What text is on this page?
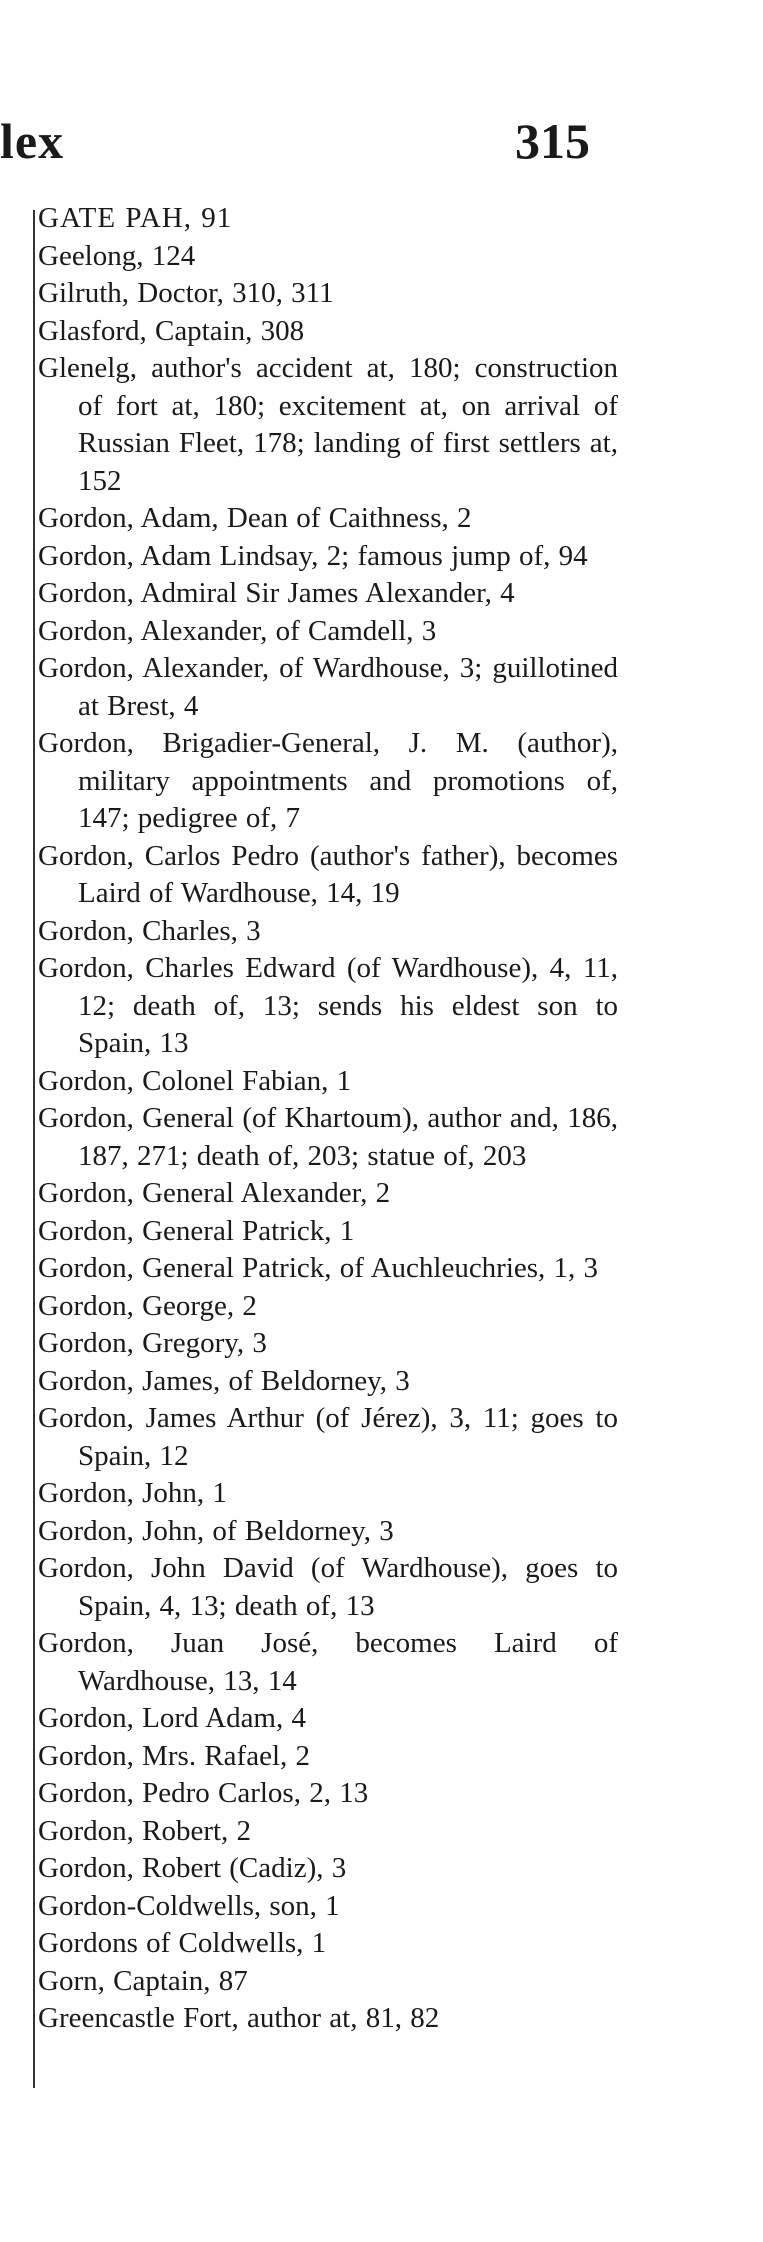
lex	315
GATE PAH, 91
Geelong, 124
Gilruth, Doctor, 310, 311
Glasford, Captain, 308
Glenelg, author's accident at, 180; construction of fort at, 180; excitement at, on arrival of Russian Fleet, 178; landing of first settlers at, 152
Gordon, Adam, Dean of Caithness, 2
Gordon, Adam Lindsay, 2; famous jump of, 94
Gordon, Admiral Sir James Alexander, 4
Gordon, Alexander, of Camdell, 3
Gordon, Alexander, of Wardhouse, 3; guillotined at Brest, 4
Gordon, Brigadier-General, J. M. (author), military appointments and promotions of, 147; pedigree of, 7
Gordon, Carlos Pedro (author's father), becomes Laird of Wardhouse, 14, 19
Gordon, Charles, 3
Gordon, Charles Edward (of Wardhouse), 4, 11, 12; death of, 13; sends his eldest son to Spain, 13
Gordon, Colonel Fabian, 1
Gordon, General (of Khartoum), author and, 186, 187, 271; death of, 203; statue of, 203
Gordon, General Alexander, 2
Gordon, General Patrick, 1
Gordon, General Patrick, of Auchleuchries, 1, 3
Gordon, George, 2
Gordon, Gregory, 3
Gordon, James, of Beldorney, 3
Gordon, James Arthur (of Jérez), 3, 11; goes to Spain, 12
Gordon, John, 1
Gordon, John, of Beldorney, 3
Gordon, John David (of Wardhouse), goes to Spain, 4, 13; death of, 13
Gordon, Juan José, becomes Laird of Wardhouse, 13, 14
Gordon, Lord Adam, 4
Gordon, Mrs. Rafael, 2
Gordon, Pedro Carlos, 2, 13
Gordon, Robert, 2
Gordon, Robert (Cadiz), 3
Gordon-Coldwells, son, 1
Gordons of Coldwells, 1
Gorn, Captain, 87
Greencastle Fort, author at, 81, 82
